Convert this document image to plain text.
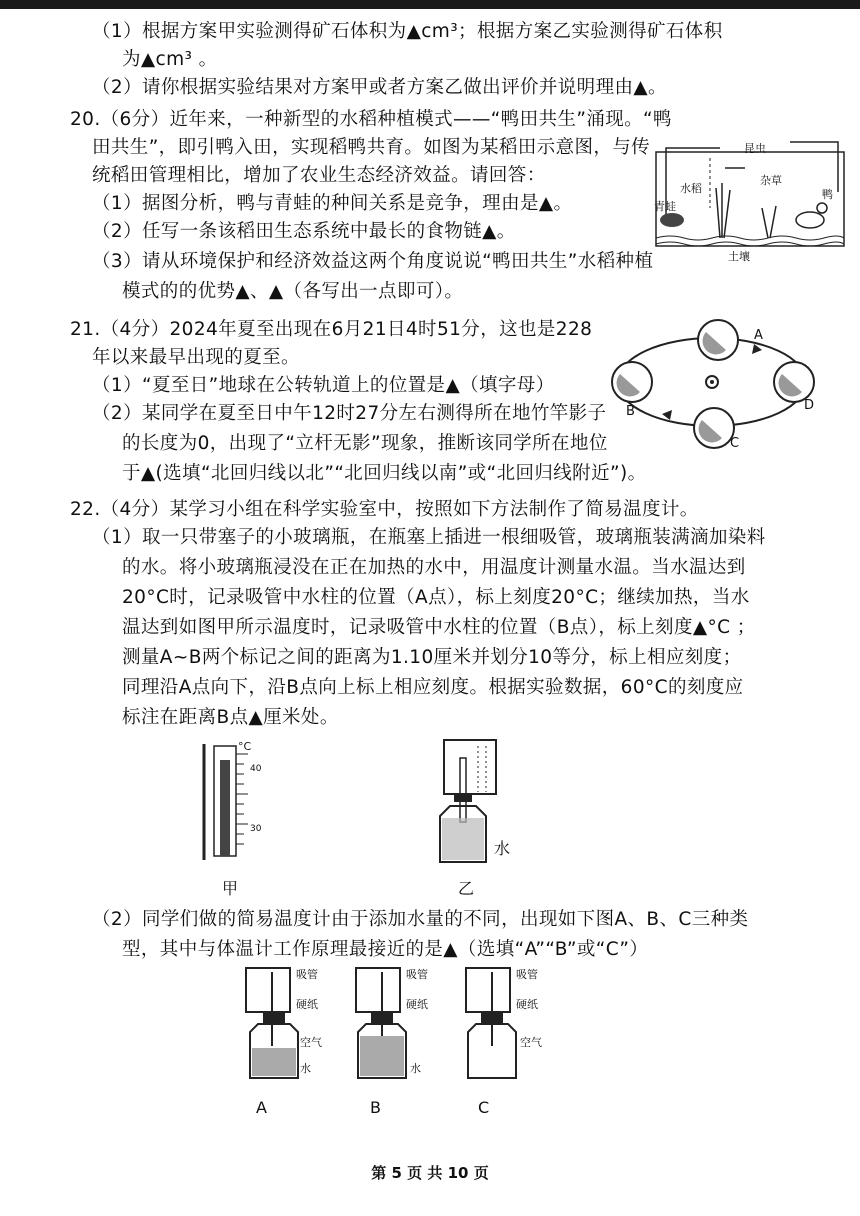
（1）根据方案甲实验测得矿石体积为▲cm³；根据方案乙实验测得矿石体积
为▲cm³ 。
（2）请你根据实验结果对方案甲或者方案乙做出评价并说明理由▲。
20.（6分）近年来，一种新型的水稻种植模式——“鸭田共生”涌现。“鸭
田共生”，即引鸭入田，实现稻鸭共育。如图为某稻田示意图，与传
统稻田管理相比，增加了农业生态经济效益。请回答：
（1）据图分析，鸭与青蛙的种间关系是竞争，理由是▲。
（2）任写一条该稻田生态系统中最长的食物链▲。
（3）请从环境保护和经济效益这两个角度说说“鸭田共生”水稻种植
模式的的优势▲、▲（各写出一点即可）。
青蛙
水稻
昆虫
杂草
鸭
土壤
21.（4分）2024年夏至出现在6月21日4时51分，这也是228
年以来最早出现的夏至。
（1）“夏至日”地球在公转轨道上的位置是▲（填字母）
（2）某同学在夏至日中午12时27分左右测得所在地竹竿影子
的长度为0，出现了“立杆无影”现象，推断该同学所在地位
于▲(选填“北回归线以北”“北回归线以南”或“北回归线附近”)。
A
B
C
D
22.（4分）某学习小组在科学实验室中，按照如下方法制作了简易温度计。
（1）取一只带塞子的小玻璃瓶，在瓶塞上插进一根细吸管，玻璃瓶装满滴加染料
的水。将小玻璃瓶浸没在正在加热的水中，用温度计测量水温。当水温达到
20°C时，记录吸管中水柱的位置（A点），标上刻度20°C；继续加热，当水
温达到如图甲所示温度时，记录吸管中水柱的位置（B点），标上刻度▲°C ；
测量A~B两个标记之间的距离为1.10厘米并划分10等分，标上相应刻度；
同理沿A点向下，沿B点向上标上相应刻度。根据实验数据，60°C的刻度应
标注在距离B点▲厘米处。
°C
40
30
甲
水
乙
（2）同学们做的简易温度计由于添加水量的不同，出现如下图A、B、C三种类
型，其中与体温计工作原理最接近的是▲（选填“A”“B”或“C”）
吸管
硬纸
空气
水
吸管
硬纸
水
吸管
硬纸
空气
A	B	C
第 5 页 共 10 页
